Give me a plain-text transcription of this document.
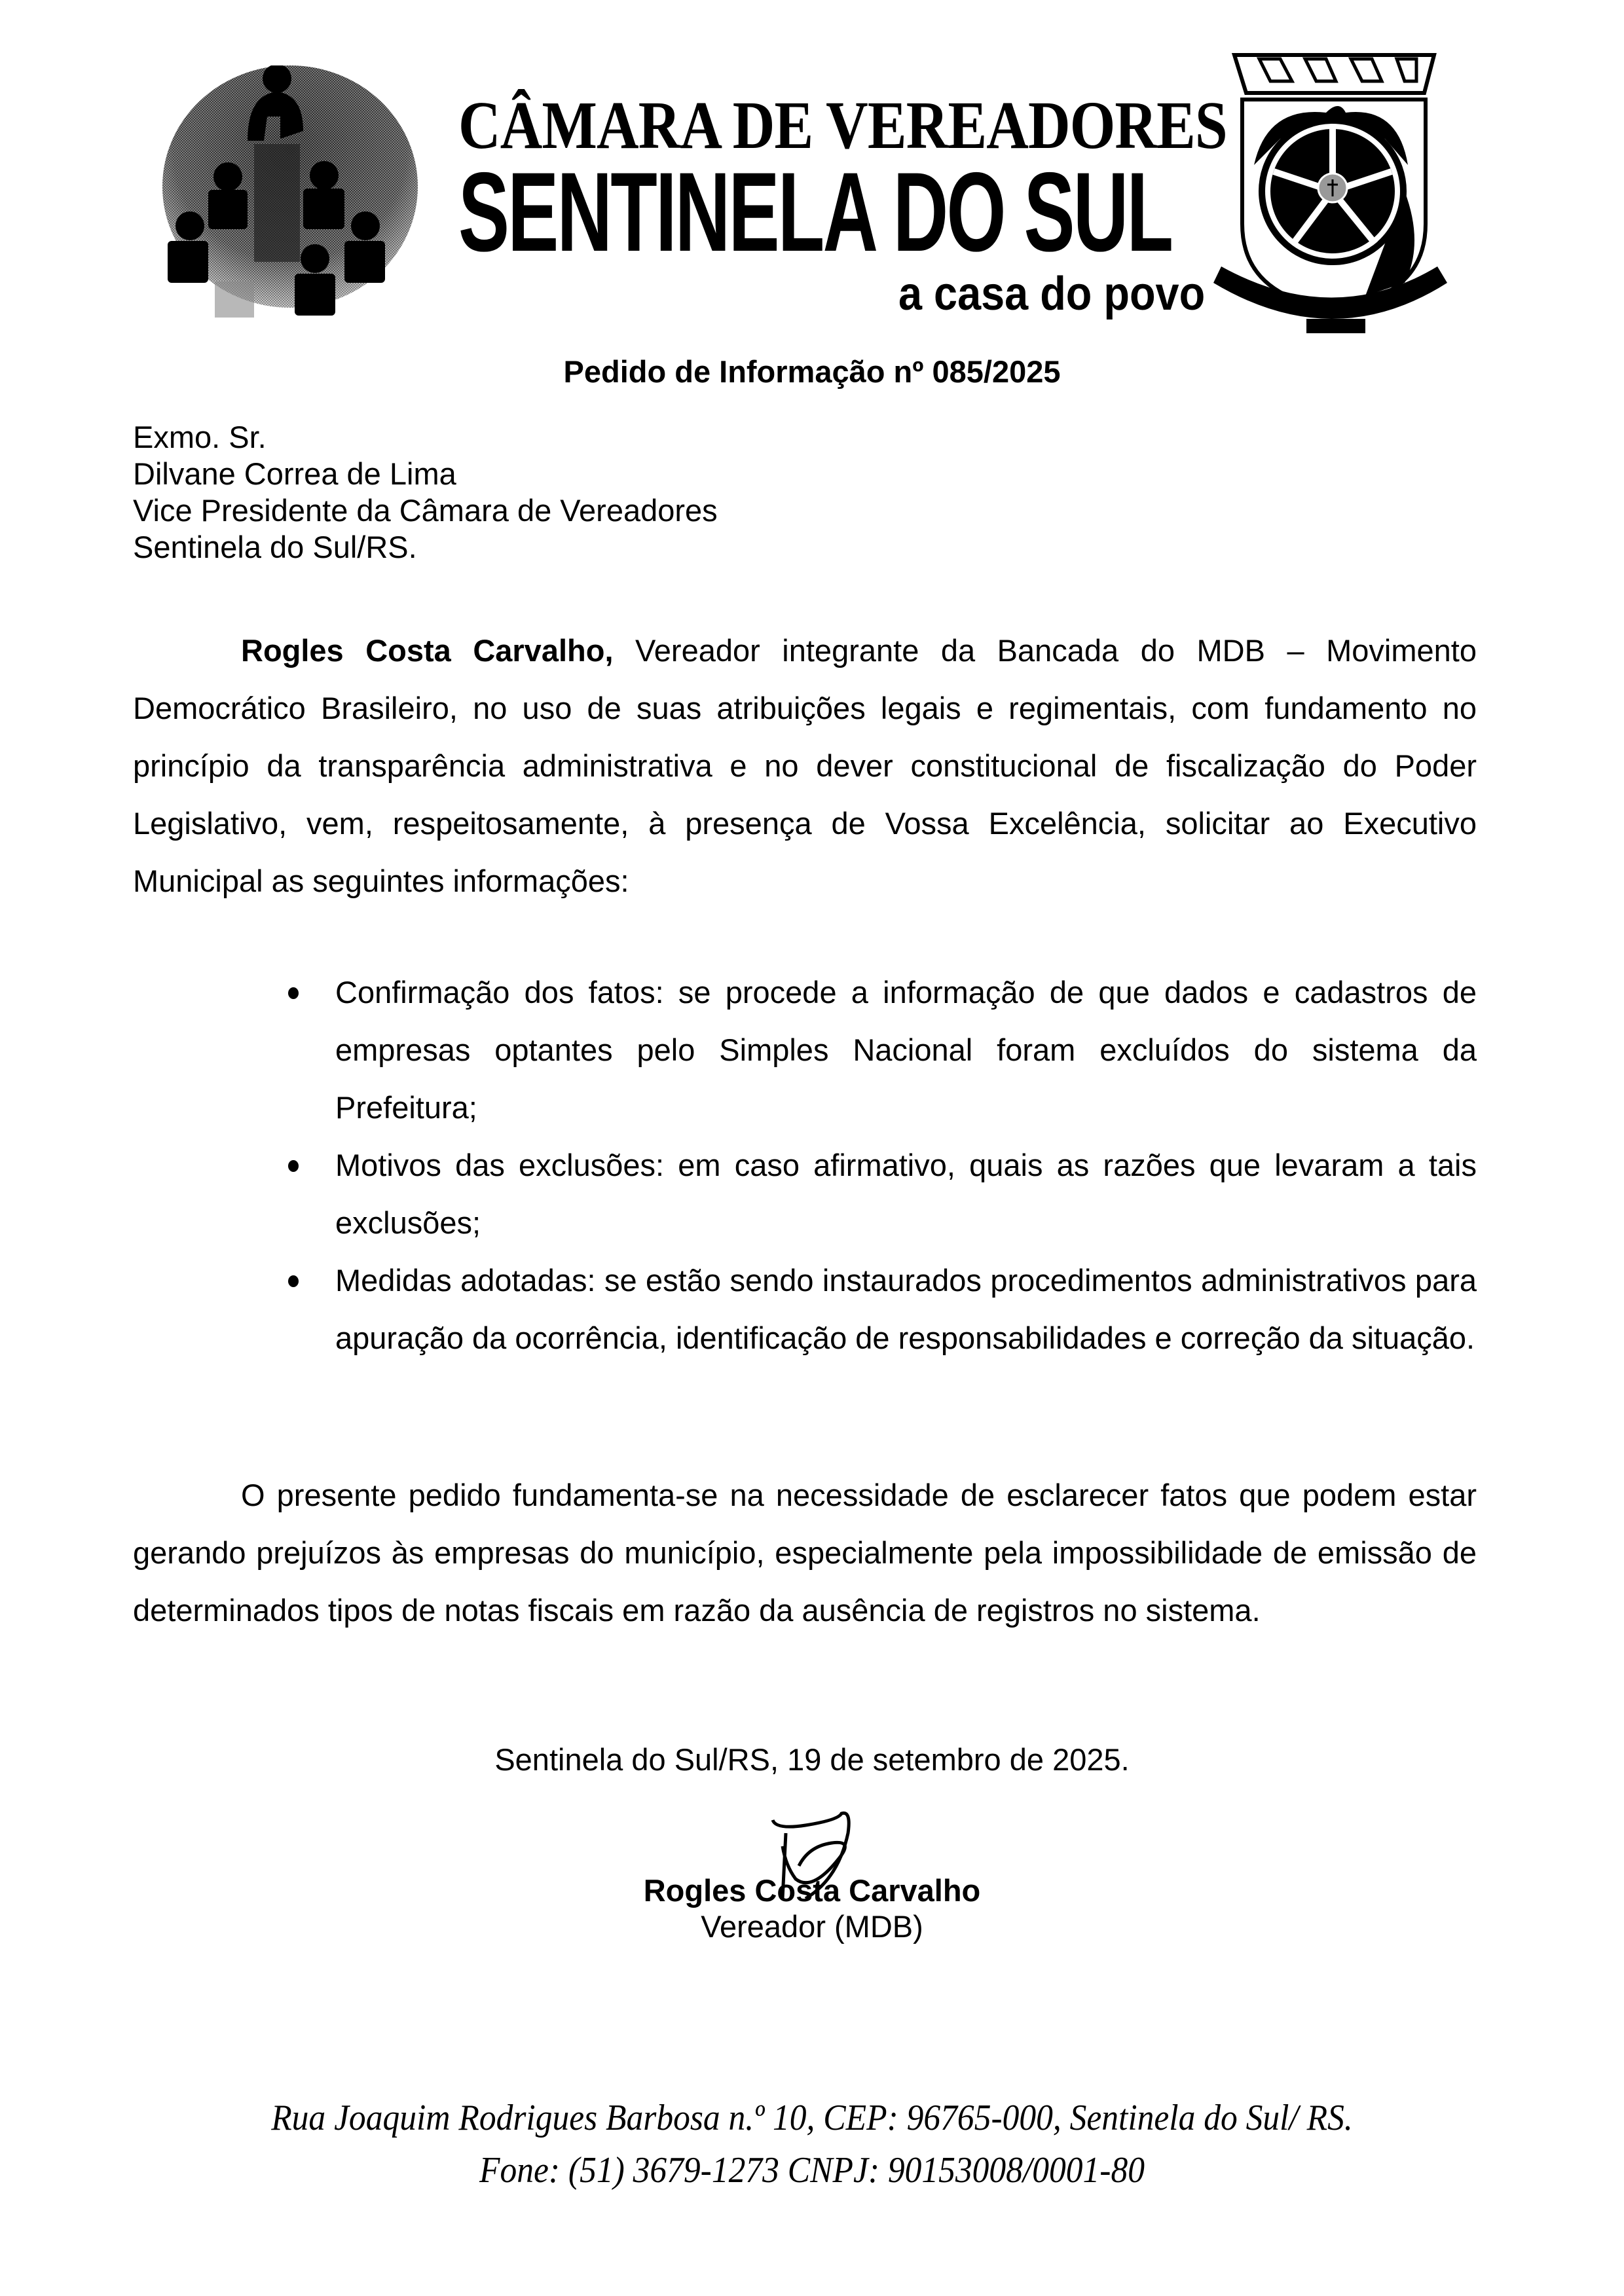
CÂMARA DE VEREADORES
SENTINELA DO SUL
a casa do povo
Pedido de Informação nº 085/2025
Exmo. Sr.
Dilvane Correa de Lima
Vice Presidente da Câmara de Vereadores
Sentinela do Sul/RS.
Rogles Costa Carvalho, Vereador integrante da Bancada do MDB – Movimento Democrático Brasileiro, no uso de suas atribuições legais e regimentais, com fundamento no princípio da transparência administrativa e no dever constitucional de fiscalização do Poder Legislativo, vem, respeitosamente, à presença de Vossa Excelência, solicitar ao Executivo Municipal as seguintes informações:
Confirmação dos fatos: se procede a informação de que dados e cadastros de empresas optantes pelo Simples Nacional foram excluídos do sistema da Prefeitura;
Motivos das exclusões: em caso afirmativo, quais as razões que levaram a tais exclusões;
Medidas adotadas: se estão sendo instaurados procedimentos administrativos para apuração da ocorrência, identificação de responsabilidades e correção da situação.
O presente pedido fundamenta-se na necessidade de esclarecer fatos que podem estar gerando prejuízos às empresas do município, especialmente pela impossibilidade de emissão de determinados tipos de notas fiscais em razão da ausência de registros no sistema.
Sentinela do Sul/RS, 19 de setembro de 2025.
Rogles Costa Carvalho
Vereador (MDB)
Rua Joaquim Rodrigues Barbosa n.º 10, CEP: 96765-000, Sentinela do Sul/ RS.
Fone: (51) 3679-1273 CNPJ: 90153008/0001-80
